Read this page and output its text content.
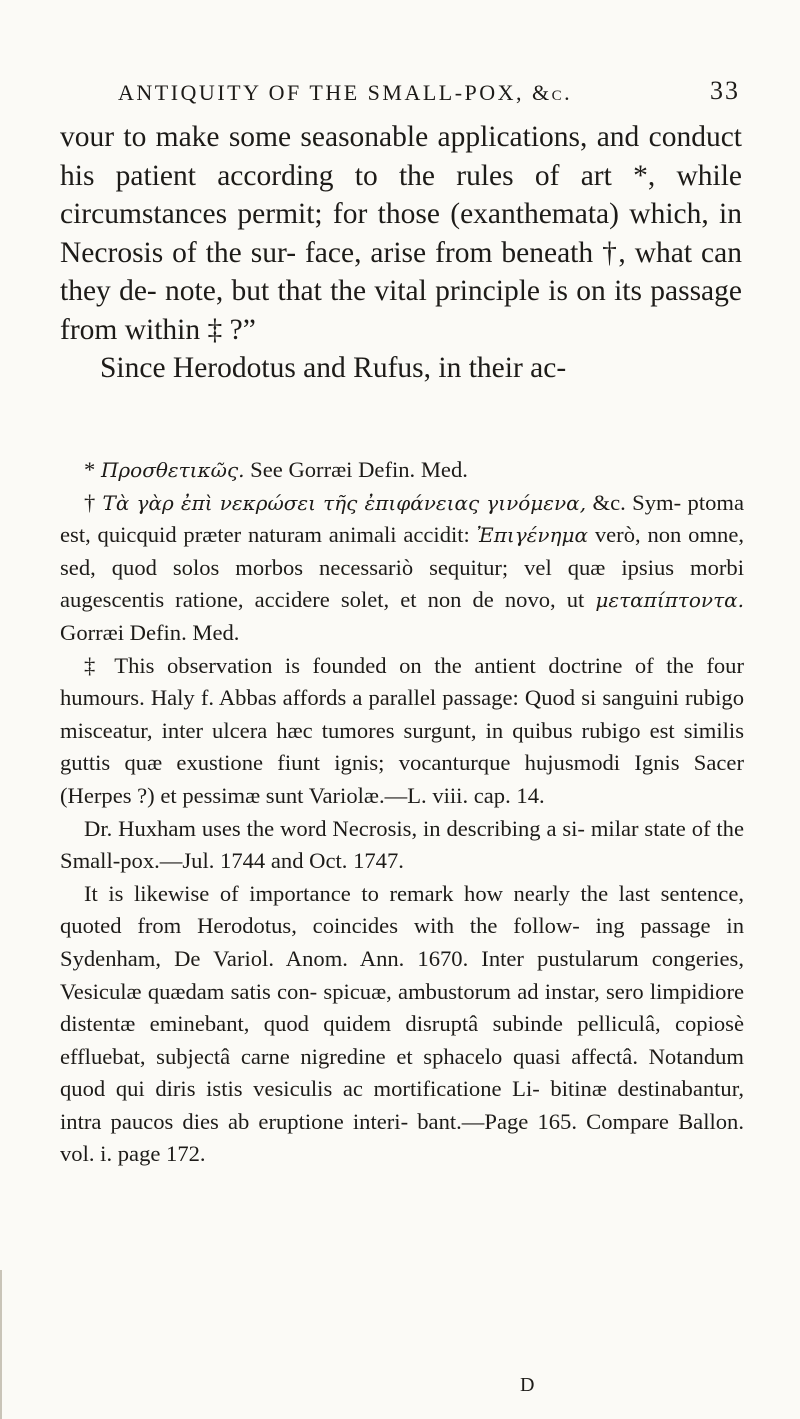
ANTIQUITY OF THE SMALL-POX, &c.	33

vour to make some seasonable applications, and conduct his patient according to the rules of art *, while circumstances permit; for those (exanthemata) which, in Necrosis of the sur- face, arise from beneath †, what can they de- note, but that the vital principle is on its passage from within ‡ ?”

Since Herodotus and Rufus, in their ac-

* Προσθετικῶς. See Gorræi Defin. Med.

† Τὰ γὰρ ἐπὶ νεκρώσει τῆς ἐπιφάνειας γινόμενα, &c. Sym- ptoma est, quicquid præter naturam animali accidit: Ἐπιγένημα verò, non omne, sed, quod solos morbos necessariò sequitur; vel quæ ipsius morbi augescentis ratione, accidere solet, et non de novo, ut μεταπίπτοντα. Gorræi Defin. Med.

‡ This observation is founded on the antient doctrine of the four humours. Haly f. Abbas affords a parallel passage: Quod si sanguini rubigo misceatur, inter ulcera hæc tumores surgunt, in quibus rubigo est similis guttis quæ exustione fiunt ignis; vocanturque hujusmodi Ignis Sacer (Herpes ?) et pessimæ sunt Variolæ.—L. viii. cap. 14.

Dr. Huxham uses the word Necrosis, in describing a si- milar state of the Small-pox.—Jul. 1744 and Oct. 1747.

It is likewise of importance to remark how nearly the last sentence, quoted from Herodotus, coincides with the follow- ing passage in Sydenham, De Variol. Anom. Ann. 1670. Inter pustularum congeries, Vesiculæ quædam satis con- spicuæ, ambustorum ad instar, sero limpidiore distentæ eminebant, quod quidem disruptâ subinde pelliculâ, copiosè effluebat, subjectâ carne nigredine et sphacelo quasi affectâ. Notandum quod qui diris istis vesiculis ac mortificatione Li- bitinæ destinabantur, intra paucos dies ab eruptione interi- bant.—Page 165. Compare Ballon. vol. i. page 172.

D
